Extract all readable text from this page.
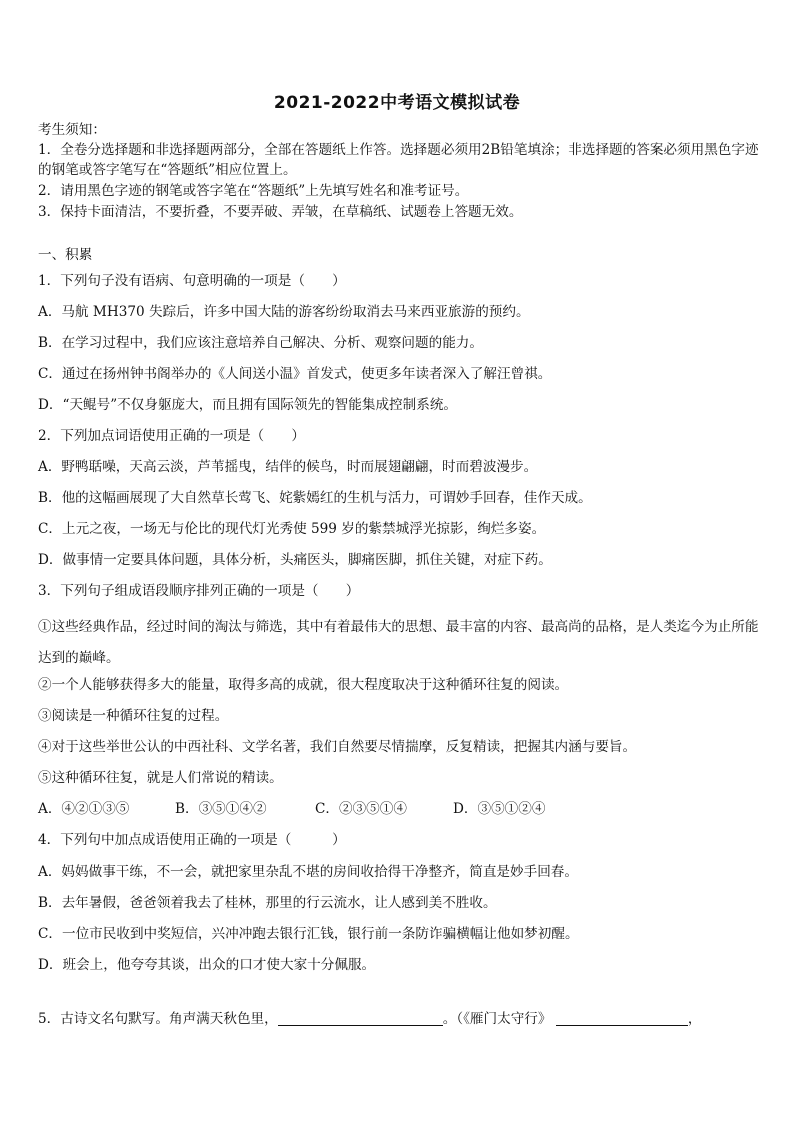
2021-2022中考语文模拟试卷
考生须知：
1．全卷分选择题和非选择题两部分，全部在答题纸上作答。选择题必须用2B铅笔填涂；非选择题的答案必须用黑色字迹的钢笔或答字笔写在“答题纸”相应位置上。
2．请用黑色字迹的钢笔或答字笔在“答题纸”上先填写姓名和准考证号。
3．保持卡面清洁，不要折叠，不要弄破、弄皱，在草稿纸、试题卷上答题无效。
一、积累
1．下列句子没有语病、句意明确的一项是（　　）
A．马航 MH370 失踪后，许多中国大陆的游客纷纷取消去马来西亚旅游的预约。
B．在学习过程中，我们应该注意培养自己解决、分析、观察问题的能力。
C．通过在扬州钟书阁举办的《人间送小温》首发式，使更多年读者深入了解汪曾祺。
D．“天鲲号”不仅身躯庞大，而且拥有国际领先的智能集成控制系统。
2．下列加点词语使用正确的一项是（　　）
A．野鸭聒噪，天高云淡，芦苇摇曳，结伴的候鸟，时而展翅翩翩，时而碧波漫步。
B．他的这幅画展现了大自然草长莺飞、姹紫嫣红的生机与活力，可谓妙手回春，佳作天成。
C．上元之夜，一场无与伦比的现代灯光秀使 599 岁的紫禁城浮光掠影，绚烂多姿。
D．做事情一定要具体问题，具体分析，头痛医头，脚痛医脚，抓住关键，对症下药。
3．下列句子组成语段顺序排列正确的一项是（　　）
①这些经典作品，经过时间的淘汰与筛选，其中有着最伟大的思想、最丰富的内容、最高尚的品格，是人类迄今为止所能达到的巅峰。
②一个人能够获得多大的能量，取得多高的成就，很大程度取决于这种循环往复的阅读。
③阅读是一种循环往复的过程。
④对于这些举世公认的中西社科、文学名著，我们自然要尽情揣摩，反复精读，把握其内涵与要旨。
⑤这种循环往复，就是人们常说的精读。
A．④②①③⑤	B．③⑤①④②	C．②③⑤①④	D．③⑤①②④
4．下列句中加点成语使用正确的一项是（　　　）
A．妈妈做事干练，不一会，就把家里杂乱不堪的房间收拾得干净整齐，简直是妙手回春。
B．去年暑假，爸爸领着我去了桂林，那里的行云流水，让人感到美不胜收。
C．一位市民收到中奖短信，兴冲冲跑去银行汇钱，银行前一条防诈骗横幅让他如梦初醒。
D．班会上，他夸夸其谈，出众的口才使大家十分佩服。
5．古诗文名句默写。角声满天秋色里，	。（《雁门太守行》	，
